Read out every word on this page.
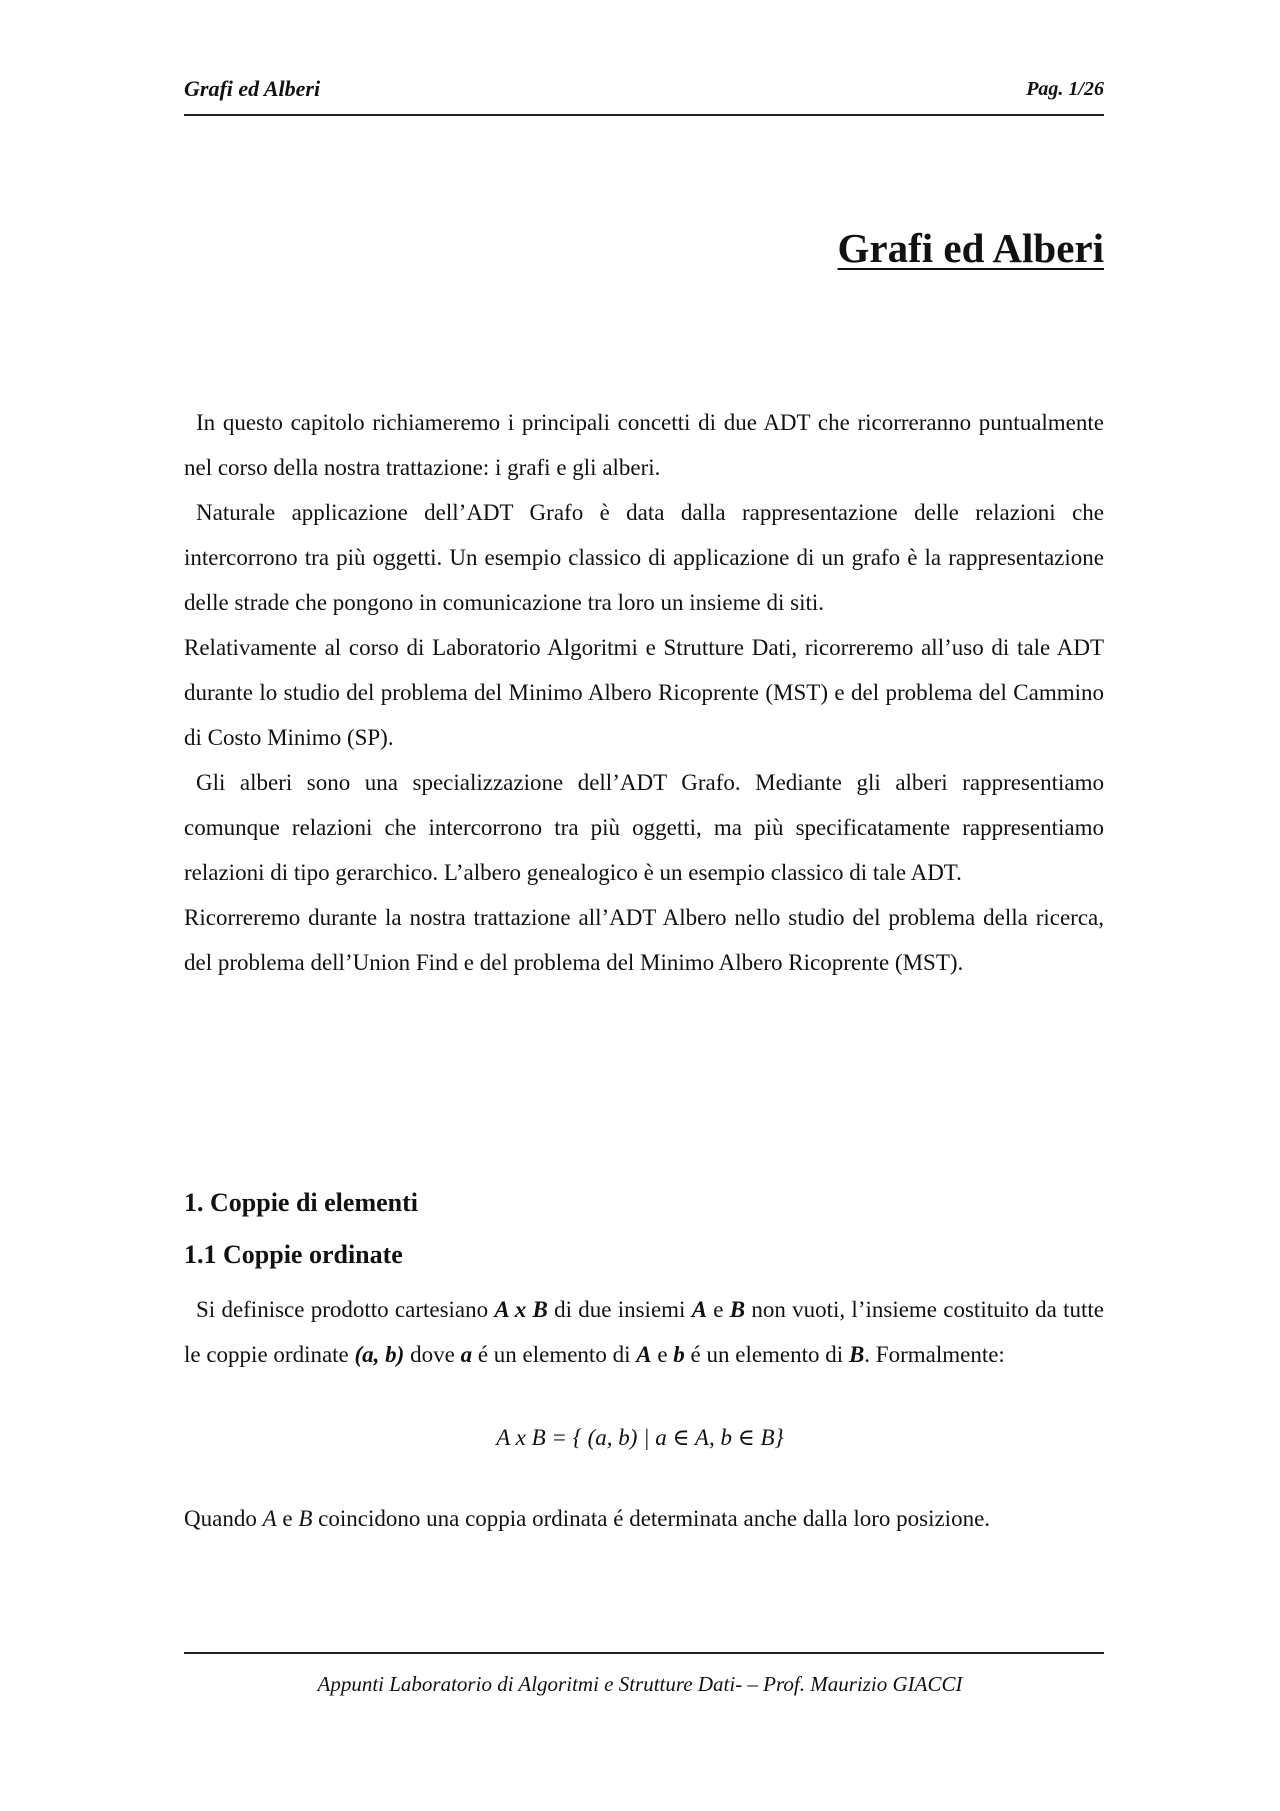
Grafi ed Alberi	Pag. 1/26
Grafi ed Alberi

In questo capitolo richiameremo i principali concetti di due ADT che ricorreranno puntualmente nel corso della nostra trattazione: i grafi e gli alberi.

Naturale applicazione dell’ADT Grafo è data dalla rappresentazione delle relazioni che intercorrono tra più oggetti. Un esempio classico di applicazione di un grafo è la rappresentazione delle strade che pongono in comunicazione tra loro un insieme di siti.

Relativamente al corso di Laboratorio Algoritmi e Strutture Dati, ricorreremo all’uso di tale ADT durante lo studio del problema del Minimo Albero Ricoprente (MST) e del problema del Cammino di Costo Minimo (SP).

Gli alberi sono una specializzazione dell’ADT Grafo. Mediante gli alberi rappresentiamo comunque relazioni che intercorrono tra più oggetti, ma più specificatamente rappresentiamo relazioni di tipo gerarchico. L’albero genealogico è un esempio classico di tale ADT.

Ricorreremo durante la nostra trattazione all’ADT Albero nello studio del problema della ricerca, del problema dell’Union Find e del problema del Minimo Albero Ricoprente (MST).

1. Coppie di elementi
1.1 Coppie ordinate

Si definisce prodotto cartesiano A x B di due insiemi A e B non vuoti, l’insieme costituito da tutte le coppie ordinate (a, b) dove a é un elemento di A e b é un elemento di B. Formalmente:

A x B = { (a, b) | a ∈ A, b ∈ B}
Quando A e B coincidono una coppia ordinata é determinata anche dalla loro posizione.
Appunti Laboratorio di Algoritmi e Strutture Dati- – Prof. Maurizio GIACCI
